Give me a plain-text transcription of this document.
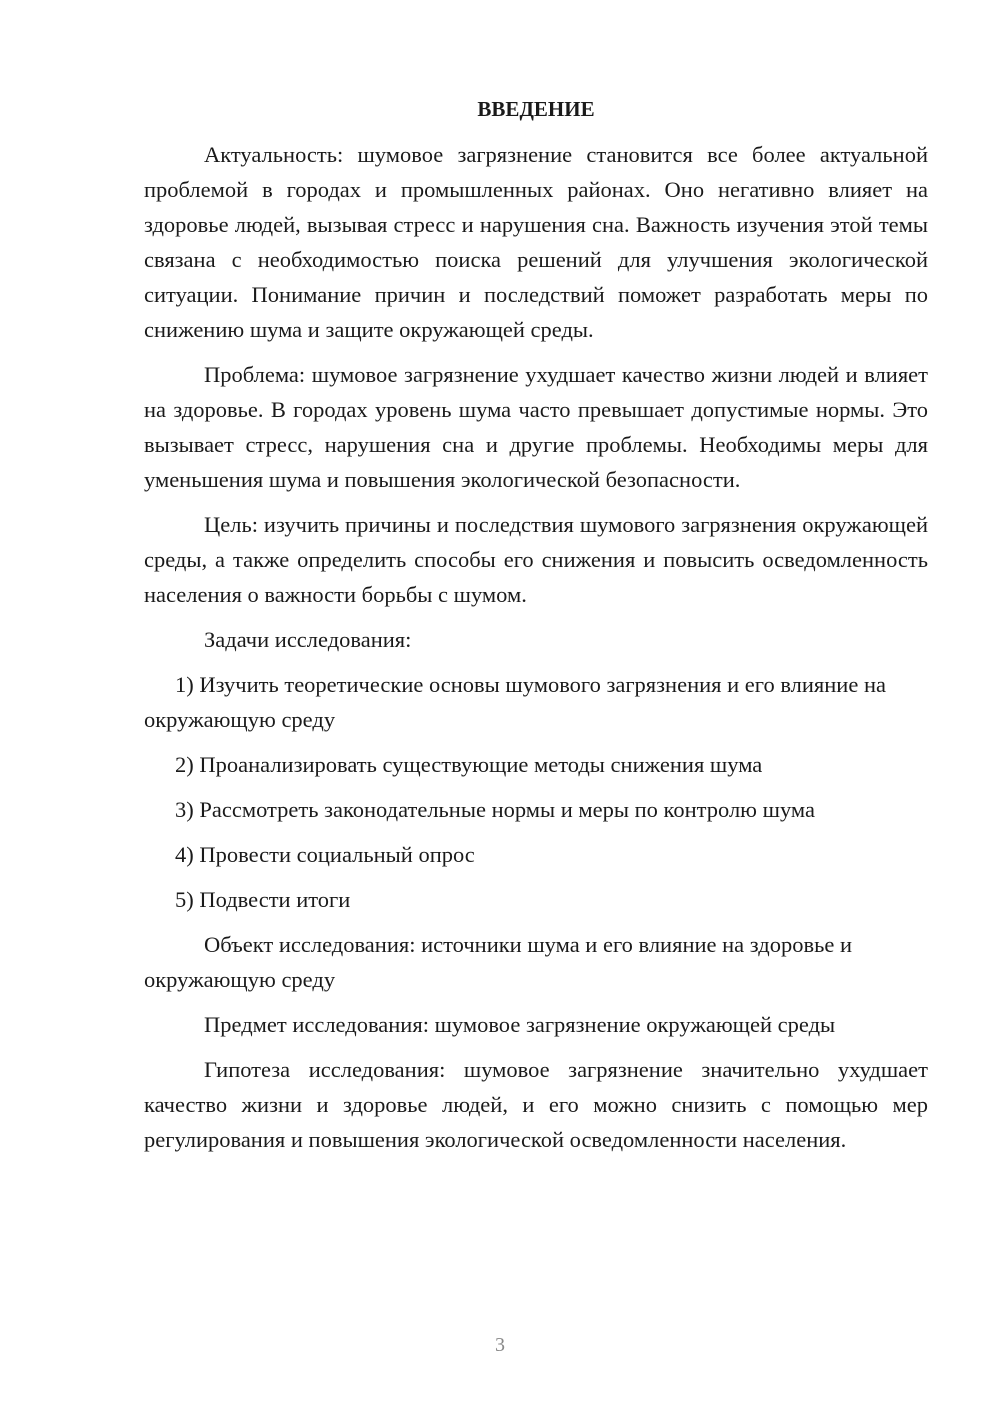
ВВЕДЕНИЕ

Актуальность: шумовое загрязнение становится все более актуальной проблемой в городах и промышленных районах. Оно негативно влияет на здоровье людей, вызывая стресс и нарушения сна. Важность изучения этой темы связана с необходимостью поиска решений для улучшения экологической ситуации. Понимание причин и последствий поможет разработать меры по снижению шума и защите окружающей среды.

Проблема: шумовое загрязнение ухудшает качество жизни людей и влияет на здоровье. В городах уровень шума часто превышает допустимые нормы. Это вызывает стресс, нарушения сна и другие проблемы. Необходимы меры для уменьшения шума и повышения экологической безопасности.

Цель: изучить причины и последствия шумового загрязнения окружающей среды, а также определить способы его снижения и повысить осведомленность населения о важности борьбы с шумом.

Задачи исследования:

1) Изучить теоретические основы шумового загрязнения и его влияние на окружающую среду

2) Проанализировать существующие методы снижения шума

3) Рассмотреть законодательные нормы и меры по контролю шума

4) Провести социальный опрос

5) Подвести итоги

Объект исследования: источники шума и его влияние на здоровье и окружающую среду

Предмет исследования: шумовое загрязнение окружающей среды

Гипотеза исследования: шумовое загрязнение значительно ухудшает качество жизни и здоровье людей, и его можно снизить с помощью мер регулирования и повышения экологической осведомленности населения.

3
